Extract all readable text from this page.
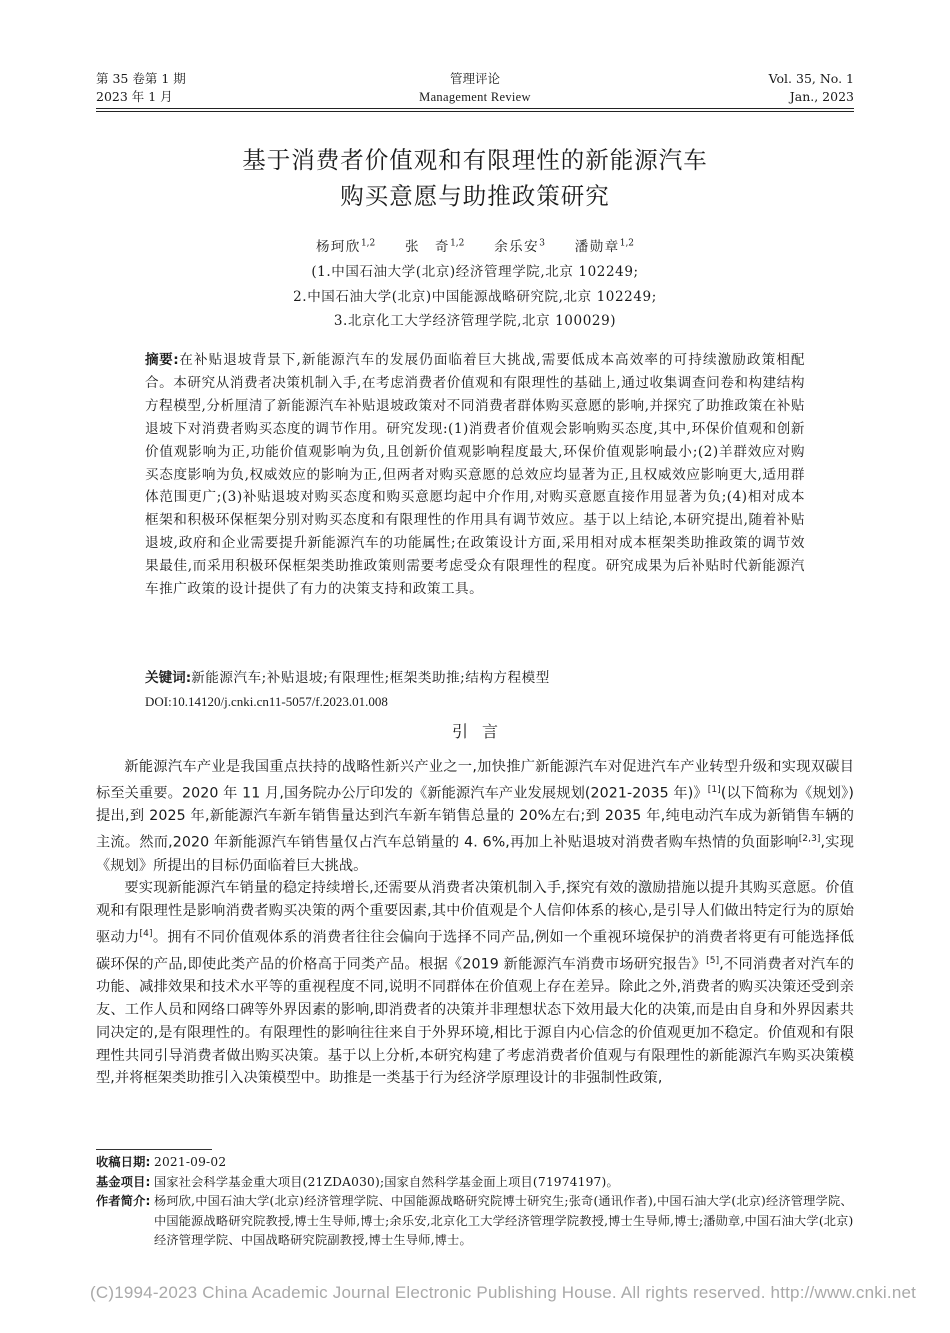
第 35 卷第 1 期
2023 年 1 月
管理评论
Management Review
Vol. 35, No. 1
Jan., 2023
基于消费者价值观和有限理性的新能源汽车
购买意愿与助推政策研究
杨珂欣$^{1,2}$ 张　奇$^{1,2}$ 余乐安$^3$ 潘勋章$^{1,2}$
(1.中国石油大学(北京)经济管理学院,北京 102249;
2.中国石油大学(北京)中国能源战略研究院,北京 102249;
3.北京化工大学经济管理学院,北京 100029)
摘要:在补贴退坡背景下,新能源汽车的发展仍面临着巨大挑战,需要低成本高效率的可持续激励政策相配合。本研究从消费者决策机制入手,在考虑消费者价值观和有限理性的基础上,通过收集调查问卷和构建结构方程模型,分析厘清了新能源汽车补贴退坡政策对不同消费者群体购买意愿的影响,并探究了助推政策在补贴退坡下对消费者购买态度的调节作用。研究发现:(1)消费者价值观会影响购买态度,其中,环保价值观和创新价值观影响为正,功能价值观影响为负,且创新价值观影响程度最大,环保价值观影响最小;(2)羊群效应对购买态度影响为负,权威效应的影响为正,但两者对购买意愿的总效应均显著为正,且权威效应影响更大,适用群体范围更广;(3)补贴退坡对购买态度和购买意愿均起中介作用,对购买意愿直接作用显著为负;(4)相对成本框架和积极环保框架分别对购买态度和有限理性的作用具有调节效应。基于以上结论,本研究提出,随着补贴退坡,政府和企业需要提升新能源汽车的功能属性;在政策设计方面,采用相对成本框架类助推政策的调节效果最佳,而采用积极环保框架类助推政策则需要考虑受众有限理性的程度。研究成果为后补贴时代新能源汽车推广政策的设计提供了有力的决策支持和政策工具。
关键词:新能源汽车;补贴退坡;有限理性;框架类助推;结构方程模型
DOI:10.14120/j.cnki.cn11-5057/f.2023.01.008
引言

新能源汽车产业是我国重点扶持的战略性新兴产业之一,加快推广新能源汽车对促进汽车产业转型升级和实现双碳目标至关重要。2020 年 11 月,国务院办公厅印发的《新能源汽车产业发展规划(2021-2035 年)》[1](以下简称为《规划》)提出,到 2025 年,新能源汽车新车销售量达到汽车新车销售总量的 20%左右;到 2035 年,纯电动汽车成为新销售车辆的主流。然而,2020 年新能源汽车销售量仅占汽车总销量的 4. 6%,再加上补贴退坡对消费者购车热情的负面影响[2,3],实现《规划》所提出的目标仍面临着巨大挑战。

要实现新能源汽车销量的稳定持续增长,还需要从消费者决策机制入手,探究有效的激励措施以提升其购买意愿。价值观和有限理性是影响消费者购买决策的两个重要因素,其中价值观是个人信仰体系的核心,是引导人们做出特定行为的原始驱动力[4]。拥有不同价值观体系的消费者往往会偏向于选择不同产品,例如一个重视环境保护的消费者将更有可能选择低碳环保的产品,即使此类产品的价格高于同类产品。根据《2019 新能源汽车消费市场研究报告》[5],不同消费者对汽车的功能、减排效果和技术水平等的重视程度不同,说明不同群体在价值观上存在差异。除此之外,消费者的购买决策还受到亲友、工作人员和网络口碑等外界因素的影响,即消费者的决策并非理想状态下效用最大化的决策,而是由自身和外界因素共同决定的,是有限理性的。有限理性的影响往往来自于外界环境,相比于源自内心信念的价值观更加不稳定。价值观和有限理性共同引导消费者做出购买决策。基于以上分析,本研究构建了考虑消费者价值观与有限理性的新能源汽车购买决策模型,并将框架类助推引入决策模型中。助推是一类基于行为经济学原理设计的非强制性政策,

收稿日期: 2021-09-02
基金项目: 国家社会科学基金重大项目(21ZDA030);国家自然科学基金面上项目(71974197)。
作者简介: 杨珂欣,中国石油大学(北京)经济管理学院、中国能源战略研究院博士研究生;张奇(通讯作者),中国石油大学(北京)经济管理学院、中国能源战略研究院教授,博士生导师,博士;余乐安,北京化工大学经济管理学院教授,博士生导师,博士;潘勋章,中国石油大学(北京)经济管理学院、中国战略研究院副教授,博士生导师,博士。
(C)1994-2023 China Academic Journal Electronic Publishing House. All rights reserved. http://www.cnki.net
